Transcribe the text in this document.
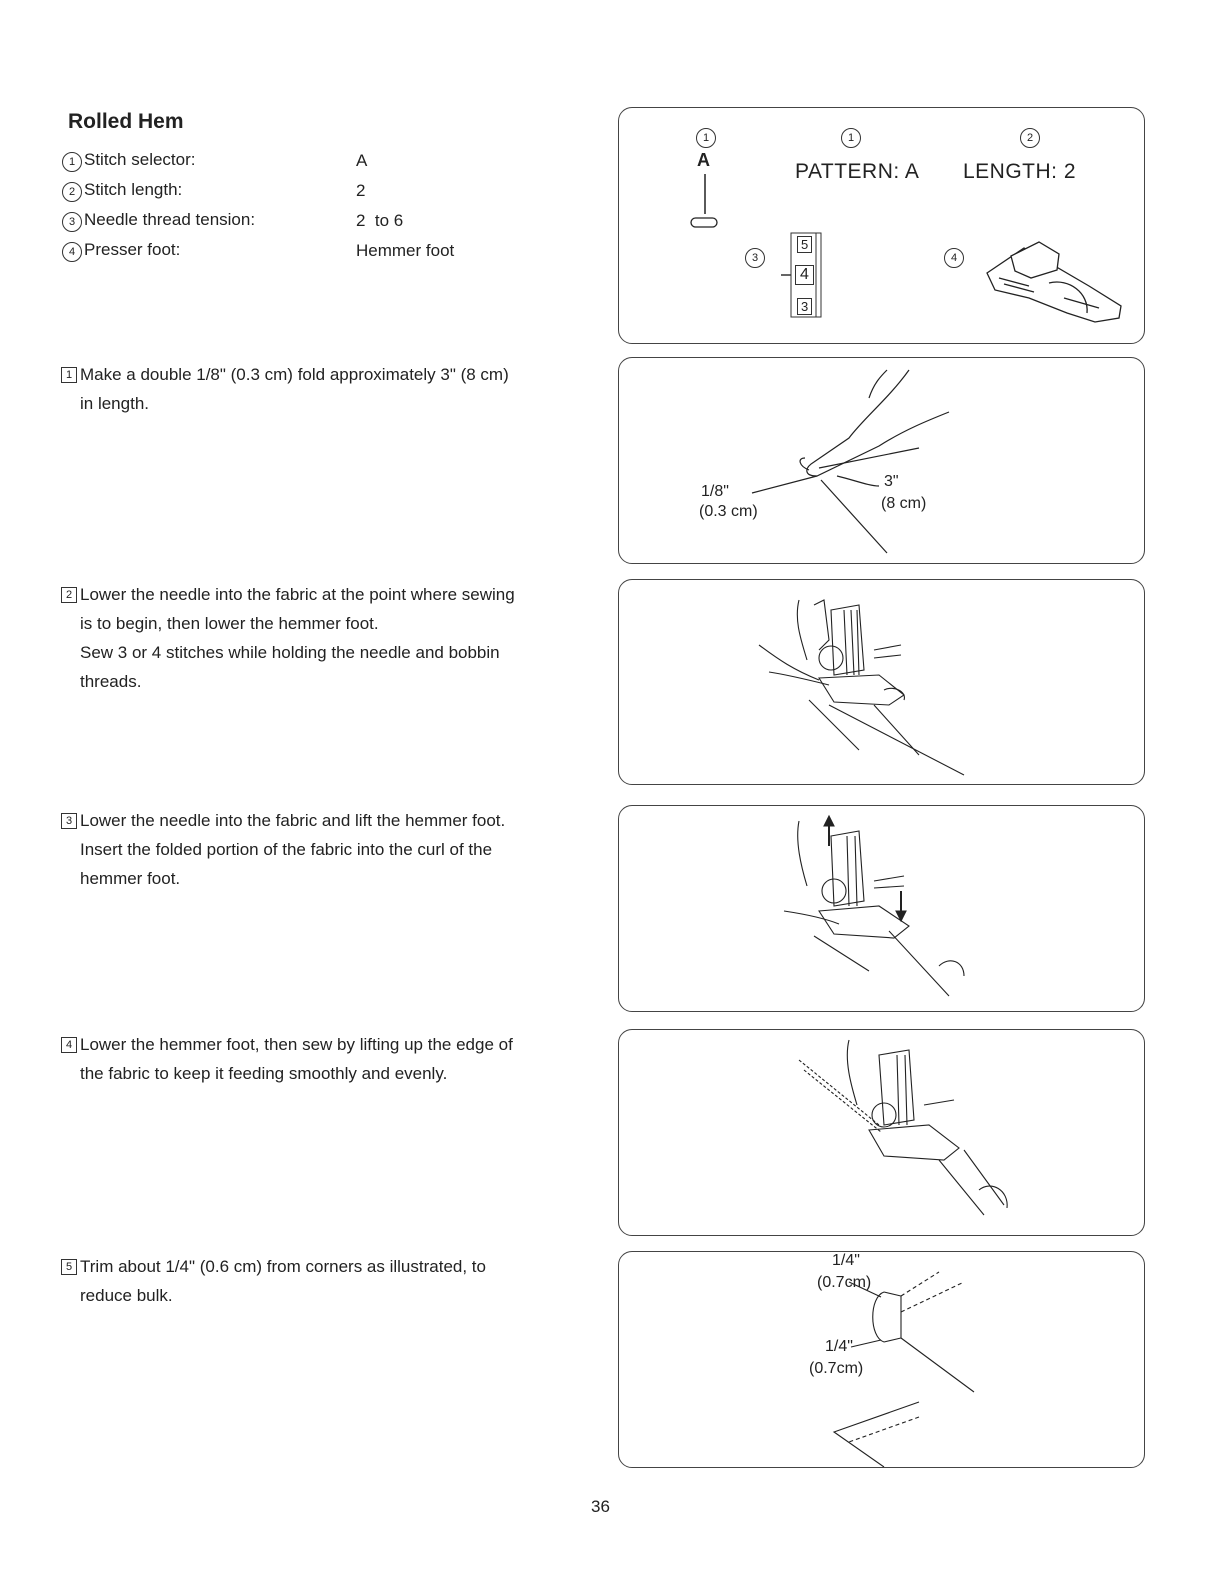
Rolled Hem
1 Stitch selector:	A
2 Stitch length:	2
3 Needle thread tension:	2  to 6
4 Presser foot:	Hemmer foot
1	1	2
3	4
A	PATTERN: A LENGTH: 2
5
4
3
1 Make a double 1/8" (0.3 cm) fold approximately 3" (8 cm)
in length.
1/8"
(0.3 cm)
3"
(8 cm)
2 Lower the needle into the fabric at the point where sewing
is to begin, then lower the hemmer foot.
Sew 3 or 4 stitches while holding the needle and bobbin
threads.
3 Lower the needle into the fabric and lift the hemmer foot.
Insert the folded portion of the fabric into the curl of the
hemmer foot.
4 Lower the hemmer foot, then sew by lifting up the edge of
the fabric to keep it feeding smoothly and evenly.
5 Trim about 1/4" (0.6 cm) from corners as illustrated, to
reduce bulk.
1/4"
(0.7cm)
1/4"
(0.7cm)
36
